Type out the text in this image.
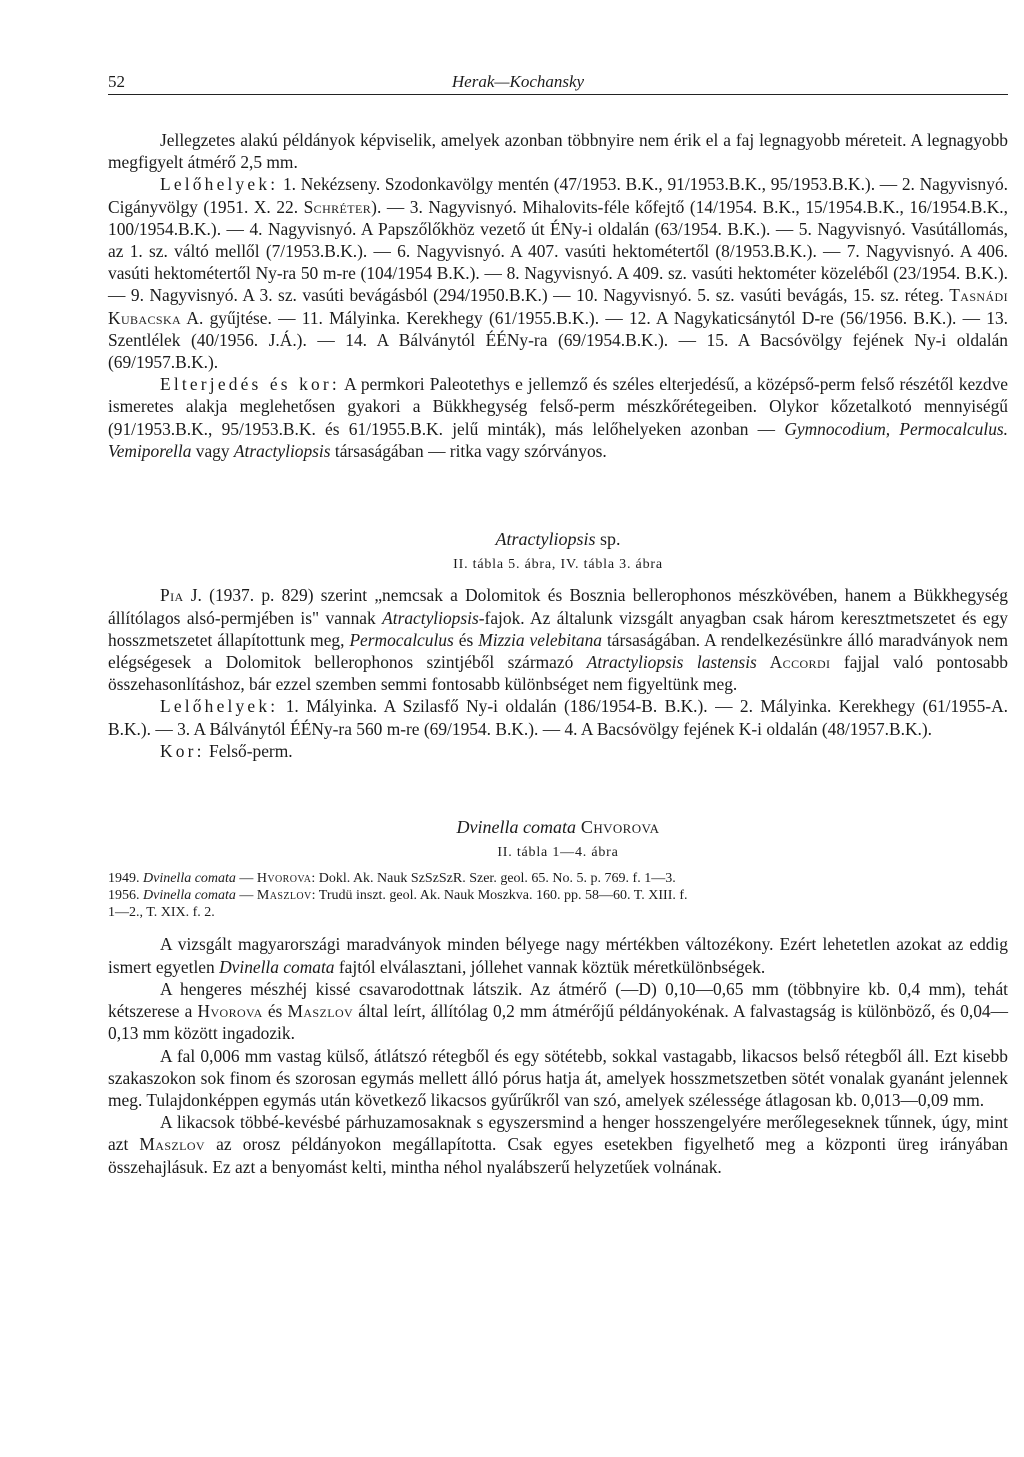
52	Herak—Kochansky

Jellegzetes alakú példányok képviselik, amelyek azonban többnyire nem érik el a faj legnagyobb méreteit. A legnagyobb megfigyelt átmérő 2,5 mm.

Lelőhelyek: 1. Nekézseny. Szodonkavölgy mentén (47/1953. B.K., 91/1953.B.K., 95/1953.B.K.). — 2. Nagyvisnyó. Cigányvölgy (1951. X. 22. Schréter). — 3. Nagyvisnyó. Mihalovits-féle kőfejtő (14/1954. B.K., 15/1954.B.K., 16/1954.B.K., 100/1954.B.K.). — 4. Nagyvisnyó. A Papszőlőkhöz vezető út ÉNy-i oldalán (63/1954. B.K.). — 5. Nagyvisnyó. Vasútállomás, az 1. sz. váltó mellől (7/1953.B.K.). — 6. Nagyvisnyó. A 407. vasúti hektométertől (8/1953.B.K.). — 7. Nagyvisnyó. A 406. vasúti hektométertől Ny-ra 50 m-re (104/1954 B.K.). — 8. Nagyvisnyó. A 409. sz. vasúti hektométer közeléből (23/1954. B.K.). — 9. Nagyvisnyó. A 3. sz. vasúti bevágásból (294/1950.B.K.) — 10. Nagyvisnyó. 5. sz. vasúti bevágás, 15. sz. réteg. Tasnádi Kubacska A. gyűjtése. — 11. Mályinka. Kerekhegy (61/1955.B.K.). — 12. A Nagykaticsánytól D-re (56/1956. B.K.). — 13. Szentlélek (40/1956. J.Á.). — 14. A Bálványtól ÉÉNy-ra (69/1954.B.K.). — 15. A Bacsóvölgy fejének Ny-i oldalán (69/1957.B.K.).

Elterjedés és kor: A permkori Paleotethys e jellemző és széles elterjedésű, a középső-perm felső részétől kezdve ismeretes alakja meglehetősen gyakori a Bükkhegység felső-perm mészkőrétegeiben. Olykor kőzetalkotó mennyiségű (91/1953.B.K., 95/1953.B.K. és 61/1955.B.K. jelű minták), más lelőhelyeken azonban — Gymnocodium, Permocalculus. Vemiporella vagy Atractyliopsis társaságában — ritka vagy szórványos.

Atractyliopsis sp.

II. tábla 5. ábra, IV. tábla 3. ábra

Pia J. (1937. p. 829) szerint „nemcsak a Dolomitok és Bosznia bellerophonos mészkövében, hanem a Bükkhegység állítólagos alsó-permjében is" vannak Atractyliopsis-fajok. Az általunk vizsgált anyagban csak három keresztmetszetet és egy hosszmetszetet állapítottunk meg, Permocalculus és Mizzia velebitana társaságában. A rendelkezésünkre álló maradványok nem elégségesek a Dolomitok bellerophonos szintjéből származó Atractyliopsis lastensis Accordi fajjal való pontosabb összehasonlításhoz, bár ezzel szemben semmi fontosabb különbséget nem figyeltünk meg.

Lelőhelyek: 1. Mályinka. A Szilasfő Ny-i oldalán (186/1954-B. B.K.). — 2. Mályinka. Kerekhegy (61/1955-A. B.K.). — 3. A Bálványtól ÉÉNy-ra 560 m-re (69/1954. B.K.). — 4. A Bacsóvölgy fejének K-i oldalán (48/1957.B.K.).

Kor: Felső-perm.

Dvinella comata Chvorova

II. tábla 1—4. ábra

1949. Dvinella comata — Hvorova: Dokl. Ak. Nauk SzSzSzR. Szer. geol. 65. No. 5. p. 769. f. 1—3.
1956. Dvinella comata — Maszlov: Trudü inszt. geol. Ak. Nauk Moszkva. 160. pp. 58—60. T. XIII. f.
1—2., T. XIX. f. 2.

A vizsgált magyarországi maradványok minden bélyege nagy mértékben változékony. Ezért lehetetlen azokat az eddig ismert egyetlen Dvinella comata fajtól elválasztani, jóllehet vannak köztük méretkülönbségek.

A hengeres mészhéj kissé csavarodottnak látszik. Az átmérő (—D) 0,10—0,65 mm (többnyire kb. 0,4 mm), tehát kétszerese a Hvorova és Maszlov által leírt, állítólag 0,2 mm átmérőjű példányokénak. A falvastagság is különböző, és 0,04—0,13 mm között ingadozik.

A fal 0,006 mm vastag külső, átlátszó rétegből és egy sötétebb, sokkal vastagabb, likacsos belső rétegből áll. Ezt kisebb szakaszokon sok finom és szorosan egymás mellett álló pórus hatja át, amelyek hosszmetszetben sötét vonalak gyanánt jelennek meg. Tulajdonképpen egymás után következő likacsos gyűrűkről van szó, amelyek szélessége átlagosan kb. 0,013—0,09 mm.

A likacsok többé-kevésbé párhuzamosaknak s egyszersmind a henger hosszengelyére merőlegeseknek tűnnek, úgy, mint azt Maszlov az orosz példányokon megállapította. Csak egyes esetekben figyelhető meg a központi üreg irányában összehajlásuk. Ez azt a benyomást kelti, mintha néhol nyalábszerű helyzetűek volnának.
